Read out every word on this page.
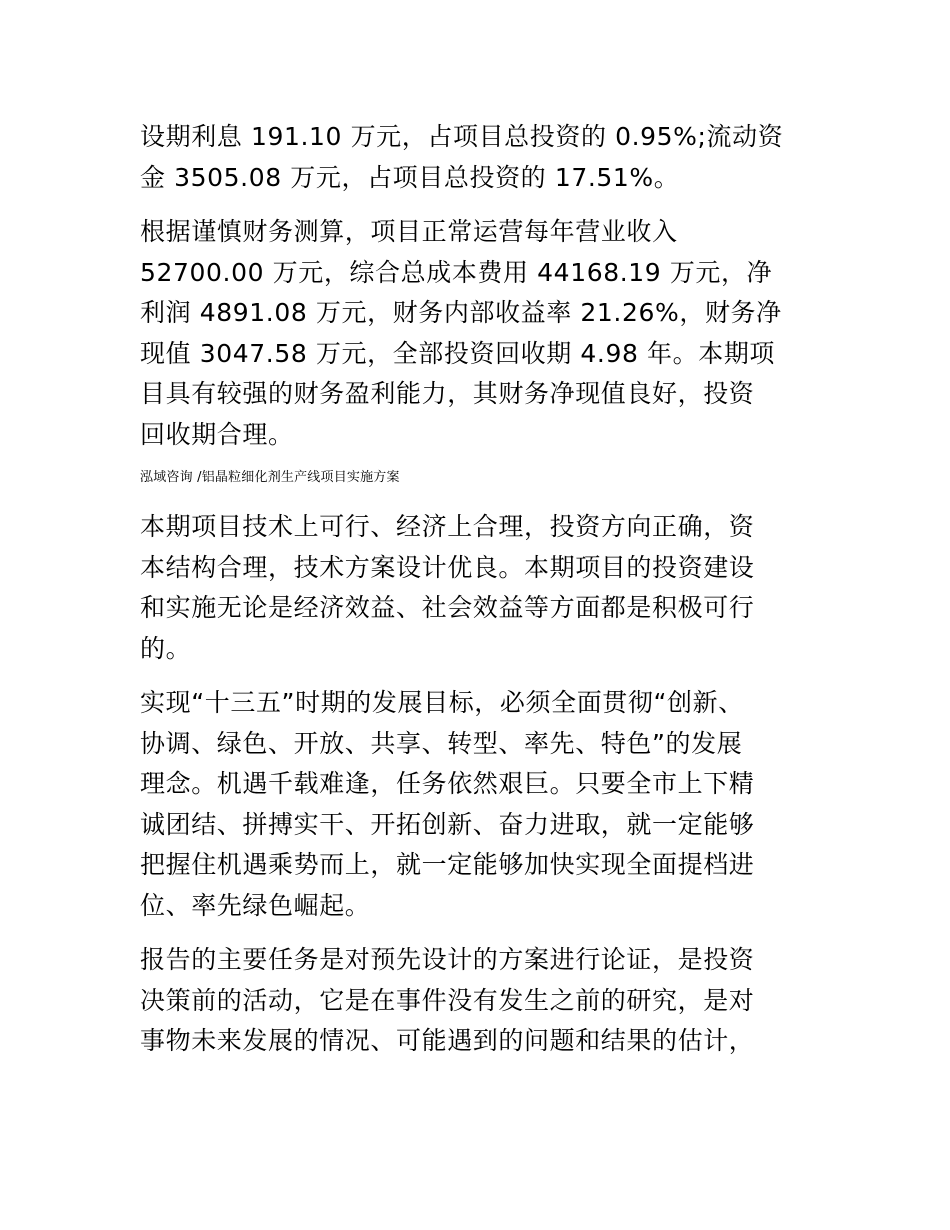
设期利息 191.10 万元，占项目总投资的 0.95%;流动资
金 3505.08 万元，占项目总投资的 17.51%。

根据谨慎财务测算，项目正常运营每年营业收入
52700.00 万元，综合总成本费用 44168.19 万元，净
利润 4891.08 万元，财务内部收益率 21.26%，财务净
现值 3047.58 万元，全部投资回收期 4.98 年。本期项
目具有较强的财务盈利能力，其财务净现值良好，投资
回收期合理。

泓域咨询 /铝晶粒细化剂生产线项目实施方案

本期项目技术上可行、经济上合理，投资方向正确，资
本结构合理，技术方案设计优良。本期项目的投资建设
和实施无论是经济效益、社会效益等方面都是积极可行
的。

实现“十三五”时期的发展目标，必须全面贯彻“创新、
协调、绿色、开放、共享、转型、率先、特色”的发展
理念。机遇千载难逢，任务依然艰巨。只要全市上下精
诚团结、拼搏实干、开拓创新、奋力进取，就一定能够
把握住机遇乘势而上，就一定能够加快实现全面提档进
位、率先绿色崛起。

报告的主要任务是对预先设计的方案进行论证，是投资
决策前的活动，它是在事件没有发生之前的研究，是对
事物未来发展的情况、可能遇到的问题和结果的估计，
